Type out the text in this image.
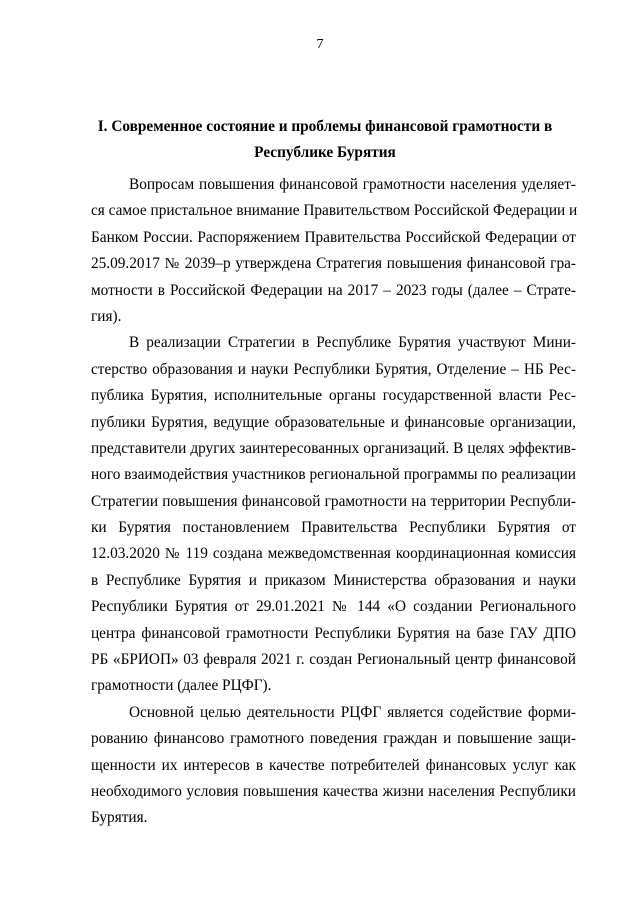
7
I. Современное состояние и проблемы финансовой грамотности в
Республике Бурятия
Вопросам повышения финансовой грамотности населения уделяет-
ся самое пристальное внимание Правительством Российской Федерации и
Банком России. Распоряжением Правительства Российской Федерации от
25.09.2017 № 2039–р утверждена Стратегия повышения финансовой гра-
мотности в Российской Федерации на 2017 – 2023 годы (далее – Страте-
гия).
В реализации Стратегии в Республике Бурятия участвуют Мини-
стерство образования и науки Республики Бурятия, Отделение – НБ Рес-
публика Бурятия, исполнительные органы государственной власти Рес-
публики Бурятия, ведущие образовательные и финансовые организации,
представители других заинтересованных организаций. В целях эффектив-
ного взаимодействия участников региональной программы по реализации
Стратегии повышения финансовой грамотности на территории Республи-
ки Бурятия постановлением Правительства Республики Бурятия от
12.03.2020 № 119 создана межведомственная координационная комиссия
в Республике Бурятия и приказом Министерства образования и науки
Республики Бурятия от 29.01.2021 № 144 «О создании Регионального
центра финансовой грамотности Республики Бурятия на базе ГАУ ДПО
РБ «БРИОП» 03 февраля 2021 г. создан Региональный центр финансовой
грамотности (далее РЦФГ).
Основной целью деятельности РЦФГ является содействие форми-
рованию финансово грамотного поведения граждан и повышение защи-
щенности их интересов в качестве потребителей финансовых услуг как
необходимого условия повышения качества жизни населения Республики
Бурятия.
